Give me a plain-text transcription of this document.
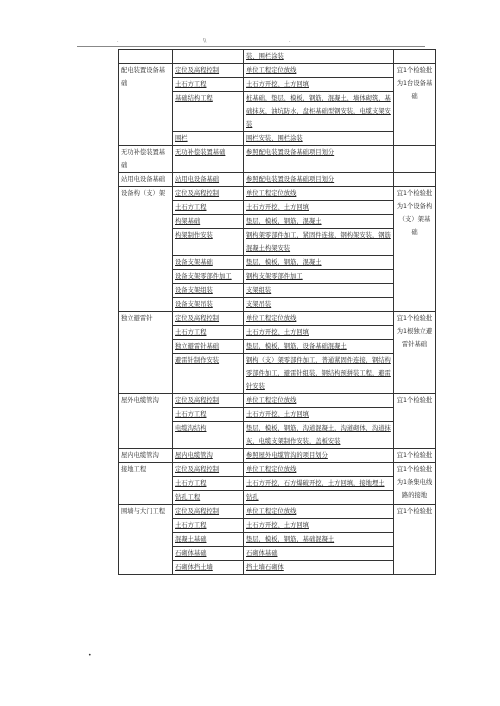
.	\\	.
		装、围栏涂装	
配电装置设备基础	定位及高程控制	单位工程定位放线	宜1个检验批为1台设备基础
	土石方工程	土石方开挖、土方回填	
	基础结构工程	桩基础，垫层，模板，钢筋，混凝土，墙体砌筑，基础抹灰，油坑防水，盘柜基础型钢安装，电缆支架安装	
	围栏	围栏安装、围栏涂装	
无功补偿装置基础	无功补偿装置基础	参照配电装置设备基础项目划分	
站用电设备基础	站用电设备基础	参照配电装置设备基础项目划分	
设备构（支）架	定位及高程控制	单位工程定位放线	宜1个检验批为1个设备构（支）架基础
	土石方工程	土石方开挖、土方回填	
	构架基础	垫层，模板，钢筋，混凝土	
	构架制作安装	钢构架零部件加工，紧固件连接，钢构架安装，钢筋混凝土构架安装	
	设备支架基础	垫层，模板，钢筋，混凝土	
	设备支架零部件加工	钢构支架零部件加工	
	设备支架组装	支架组装	
	设备支架吊装	支架吊装	
独立避雷针	定位及高程控制	单位工程定位放线	宜1个检验批为1根独立避雷针基础
	土石方工程	土石方开挖、土方回填	
	独立避雷针基础	垫层，模板，钢筋，设备基础混凝土	
	避雷针制作安装	钢构（支）架零部件加工，普通紧固件连接，钢结构零部件加工，避雷针组装，钢结构预拼装工程，避雷针安装	
屋外电缆管沟	定位及高程控制	单位工程定位放线	宜1个检验批
	土石方工程	土石方开挖、土方回填	
	电缆沟结构	垫层，模板，钢筋，沟道混凝土，沟道砌体，沟道抹灰，电缆支架制作安装，盖板安装	
屋内电缆管沟	屋内电缆管沟	参照屋外电缆管沟的项目划分	宜1个检验批
接地工程	定位及高程控制	单位工程定位放线	宜1个检验批为1条集电线路的接地
	土石方工程	土石方开挖，石方爆破开挖，土方回填，接地埋土	
	钻孔工程	钻孔	
围墙与大门工程	定位及高程控制	单位工程定位放线	宜1个检验批
	土石方工程	土石方开挖、土方回填	
	混凝土基础	垫层，模板，钢筋，基础混凝土	
	石砌体基础	石砌体基础	
	石砌体挡土墙	挡土墙石砌体	
•
